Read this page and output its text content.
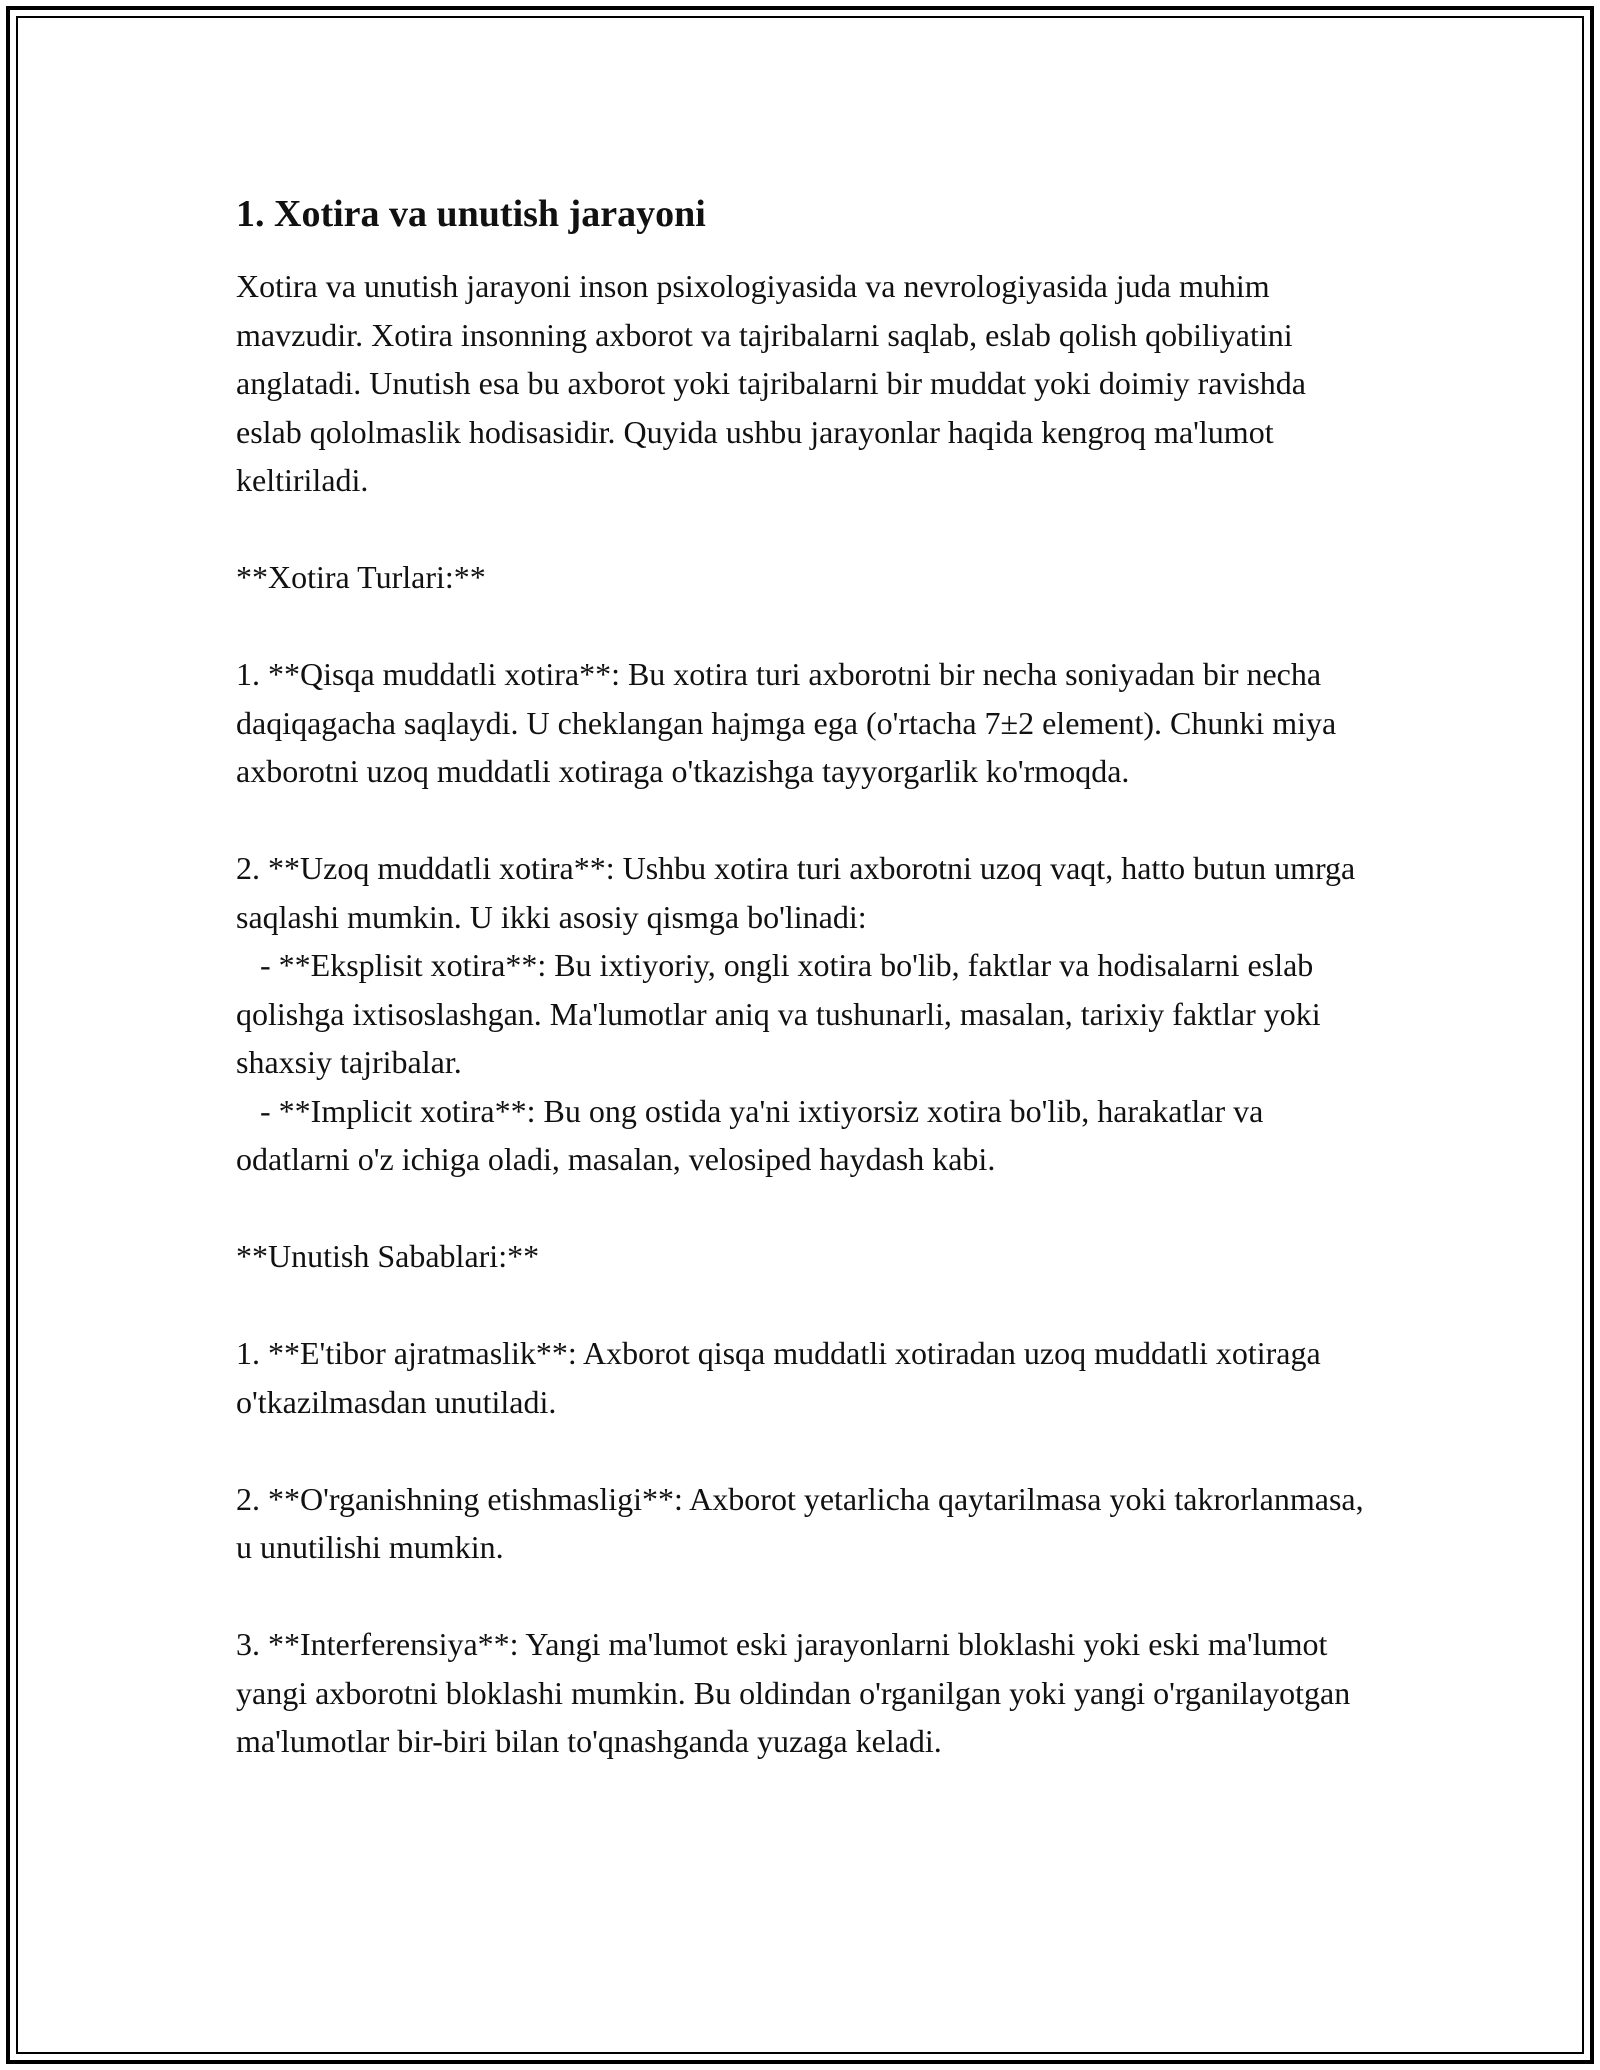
1. Xotira va unutish jarayoni

Xotira va unutish jarayoni inson psixologiyasida va nevrologiyasida juda muhim mavzudir. Xotira insonning axborot va tajribalarni saqlab, eslab qolish qobiliyatini anglatadi. Unutish esa bu axborot yoki tajribalarni bir muddat yoki doimiy ravishda eslab qololmaslik hodisasidir. Quyida ushbu jarayonlar haqida kengroq ma'lumot keltiriladi.

**Xotira Turlari:**

1. **Qisqa muddatli xotira**: Bu xotira turi axborotni bir necha soniyadan bir necha daqiqagacha saqlaydi. U cheklangan hajmga ega (o'rtacha 7±2 element). Chunki miya axborotni uzoq muddatli xotiraga o'tkazishga tayyorgarlik ko'rmoqda.

2. **Uzoq muddatli xotira**: Ushbu xotira turi axborotni uzoq vaqt, hatto butun umrga saqlashi mumkin. U ikki asosiy qismga bo'linadi:
- **Eksplisit xotira**: Bu ixtiyoriy, ongli xotira bo'lib, faktlar va hodisalarni eslab qolishga ixtisoslashgan. Ma'lumotlar aniq va tushunarli, masalan, tarixiy faktlar yoki shaxsiy tajribalar.
- **Implicit xotira**: Bu ong ostida ya'ni ixtiyorsiz xotira bo'lib, harakatlar va odatlarni o'z ichiga oladi, masalan, velosiped haydash kabi.

**Unutish Sabablari:**

1. **E'tibor ajratmaslik**: Axborot qisqa muddatli xotiradan uzoq muddatli xotiraga o'tkazilmasdan unutiladi.

2. **O'rganishning etishmasligi**: Axborot yetarlicha qaytarilmasa yoki takrorlanmasa, u unutilishi mumkin.

3. **Interferensiya**: Yangi ma'lumot eski jarayonlarni bloklashi yoki eski ma'lumot yangi axborotni bloklashi mumkin. Bu oldindan o'rganilgan yoki yangi o'rganilayotgan ma'lumotlar bir-biri bilan to'qnashganda yuzaga keladi.
